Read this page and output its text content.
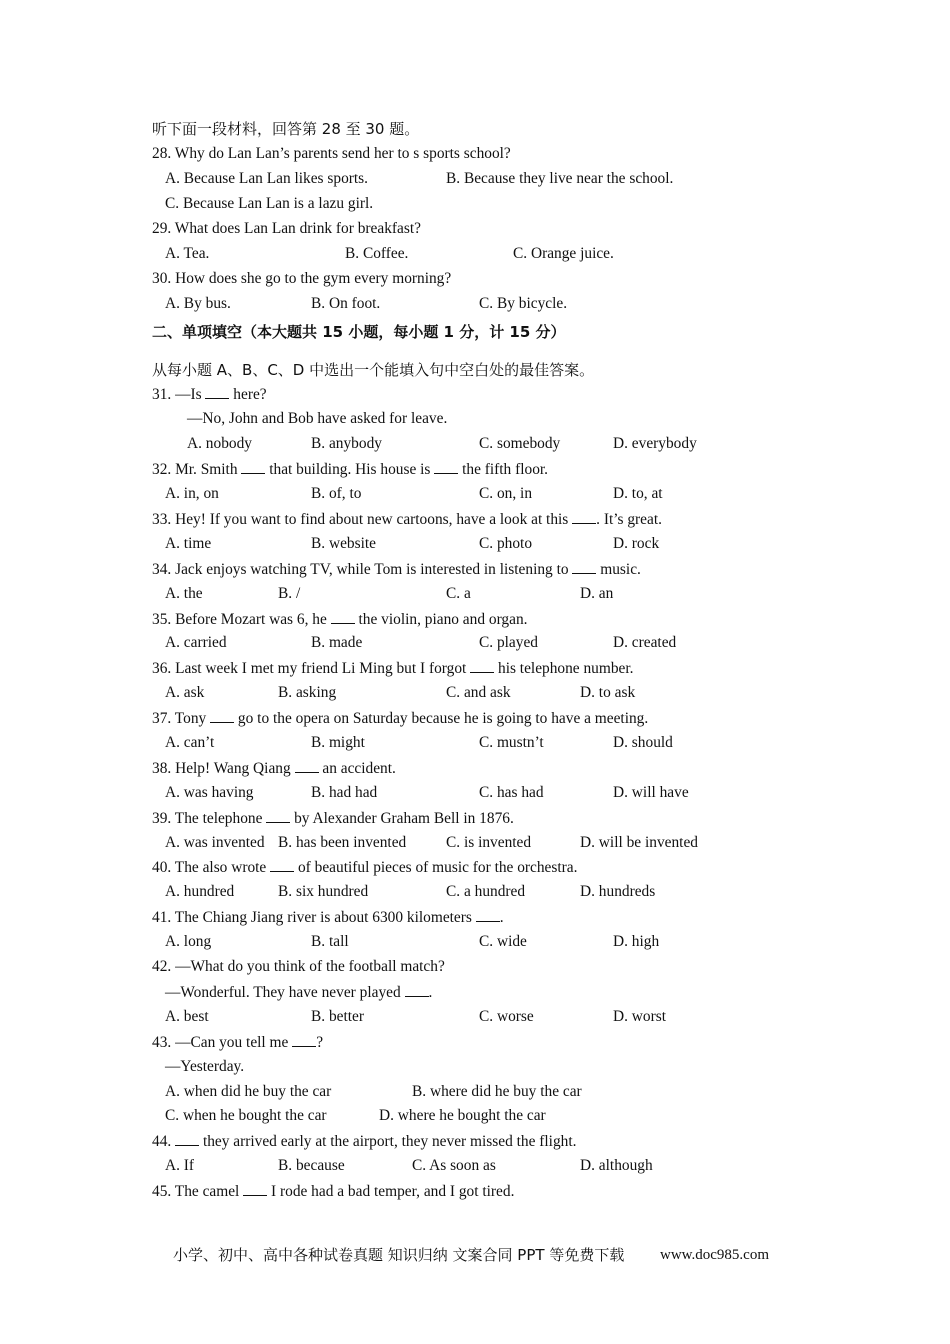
听下面一段材料，回答第 28 至 30 题。
28. Why do Lan Lan’s parents send her to s sports school?
A. Because Lan Lan likes sports.	B. Because they live near the school.
C. Because Lan Lan is a lazu girl.
29. What does Lan Lan drink for breakfast?
A. Tea.	B. Coffee.	C. Orange juice.
30. How does she go to the gym every morning?
A. By bus.	B. On foot.	C. By bicycle.
二、单项填空（本大题共 15 小题，每小题 1 分，计 15 分）
从每小题 A、B、C、D 中选出一个能填入句中空白处的最佳答案。
31. —Is  here?
—No, John and Bob have asked for leave.
A. nobody	B. anybody	C. somebody	D. everybody
32. Mr. Smith  that building. His house is  the fifth floor.
A. in, on	B. of, to	C. on, in	D. to, at
33. Hey! If you want to find about new cartoons, have a look at this . It’s great.
A. time	B. website	C. photo	D. rock
34. Jack enjoys watching TV, while Tom is interested in listening to  music.
A. the	B. /	C. a	D. an
35. Before Mozart was 6, he  the violin, piano and organ.
A. carried	B. made	C. played	D. created
36. Last week I met my friend Li Ming but I forgot  his telephone number.
A. ask	B. asking	C. and ask	D. to ask
37. Tony  go to the opera on Saturday because he is going to have a meeting.
A. can’t	B. might	C. mustn’t	D. should
38. Help! Wang Qiang  an accident.
A. was having	B. had had	C. has had	D. will have
39. The telephone  by Alexander Graham Bell in 1876.
A. was invented B. has been invented	C. is invented	D. will be invented
40. The also wrote  of beautiful pieces of music for the orchestra.
A. hundred	B. six hundred	C. a hundred	D. hundreds
41. The Chiang Jiang river is about 6300 kilometers .
A. long	B. tall	C. wide	D. high
42. —What do you think of the football match?
—Wonderful. They have never played .
A. best	B. better	C. worse	D. worst
43. —Can you tell me ?
—Yesterday.
A. when did he buy the car	B. where did he buy the car
C. when he bought the car	D. where he bought the car
44.  they arrived early at the airport, they never missed the flight.
A. If	B. because	C. As soon as	D. although
45. The camel  I rode had a bad temper, and I got tired.
小学、初中、高中各种试卷真题 知识归纳 文案合同 PPT 等免费下载 www.doc985.com
